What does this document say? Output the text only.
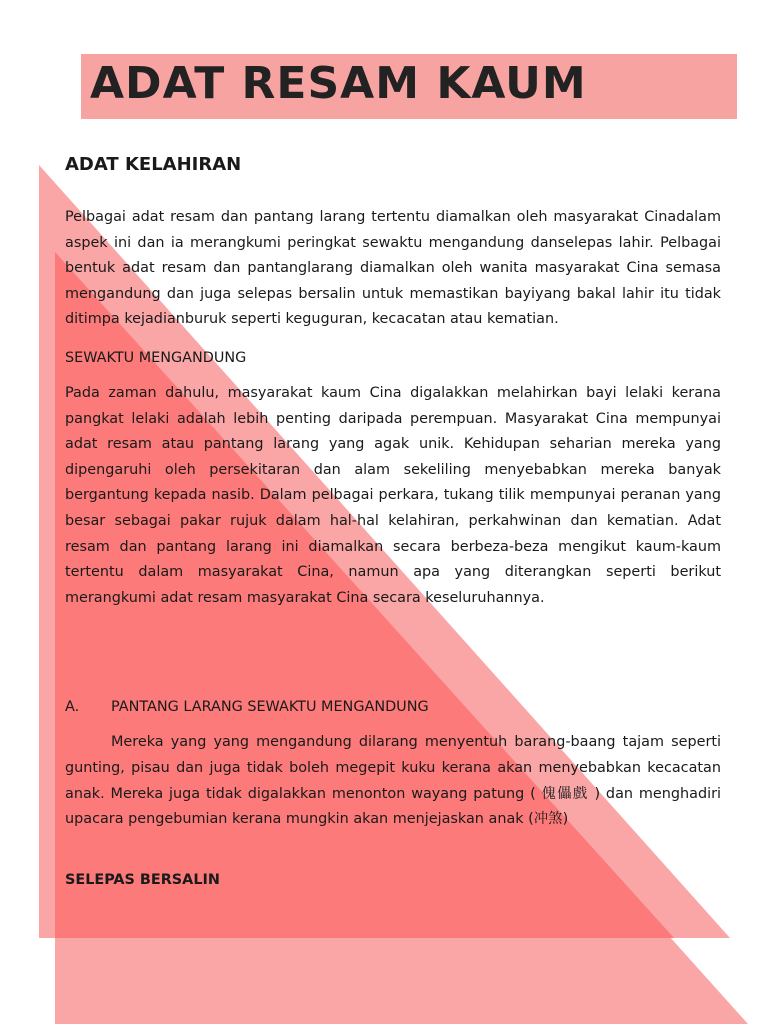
ADAT RESAM KAUM
ADAT KELAHIRAN

Pelbagai adat resam dan pantang larang tertentu diamalkan oleh masyarakat Cinadalam aspek ini dan ia merangkumi peringkat sewaktu mengandung danselepas lahir. Pelbagai bentuk adat resam dan pantanglarang diamalkan oleh wanita masyarakat Cina semasa mengandung dan juga selepas bersalin untuk memastikan bayiyang bakal lahir itu tidak ditimpa kejadianburuk seperti keguguran, kecacatan atau kematian.

SEWAKTU MENGANDUNG

Pada zaman dahulu, masyarakat kaum Cina digalakkan melahirkan bayi lelaki kerana pangkat lelaki adalah lebih penting daripada perempuan. Masyarakat Cina mempunyai adat resam atau pantang larang yang agak unik. Kehidupan seharian mereka yang dipengaruhi oleh persekitaran dan alam sekeliling menyebabkan mereka banyak bergantung kepada nasib. Dalam pelbagai perkara, tukang tilik mempunyai peranan yang besar sebagai pakar rujuk dalam hal-hal kelahiran, perkahwinan dan kematian. Adat resam dan pantang larang ini diamalkan secara berbeza-beza mengikut kaum-kaum tertentu dalam masyarakat Cina, namun apa yang diterangkan seperti berikut merangkumi adat resam masyarakat Cina secara keseluruhannya.

A. PANTANG LARANG SEWAKTU MENGANDUNG

Mereka yang yang mengandung dilarang menyentuh barang-baang tajam seperti gunting, pisau dan juga tidak boleh megepit kuku kerana akan menyebabkan kecacatan anak. Mereka juga tidak digalakkan menonton wayang patung ( 傀儡戲 ) dan menghadiri upacara pengebumian kerana mungkin akan menjejaskan anak (冲煞)

SELEPAS BERSALIN
